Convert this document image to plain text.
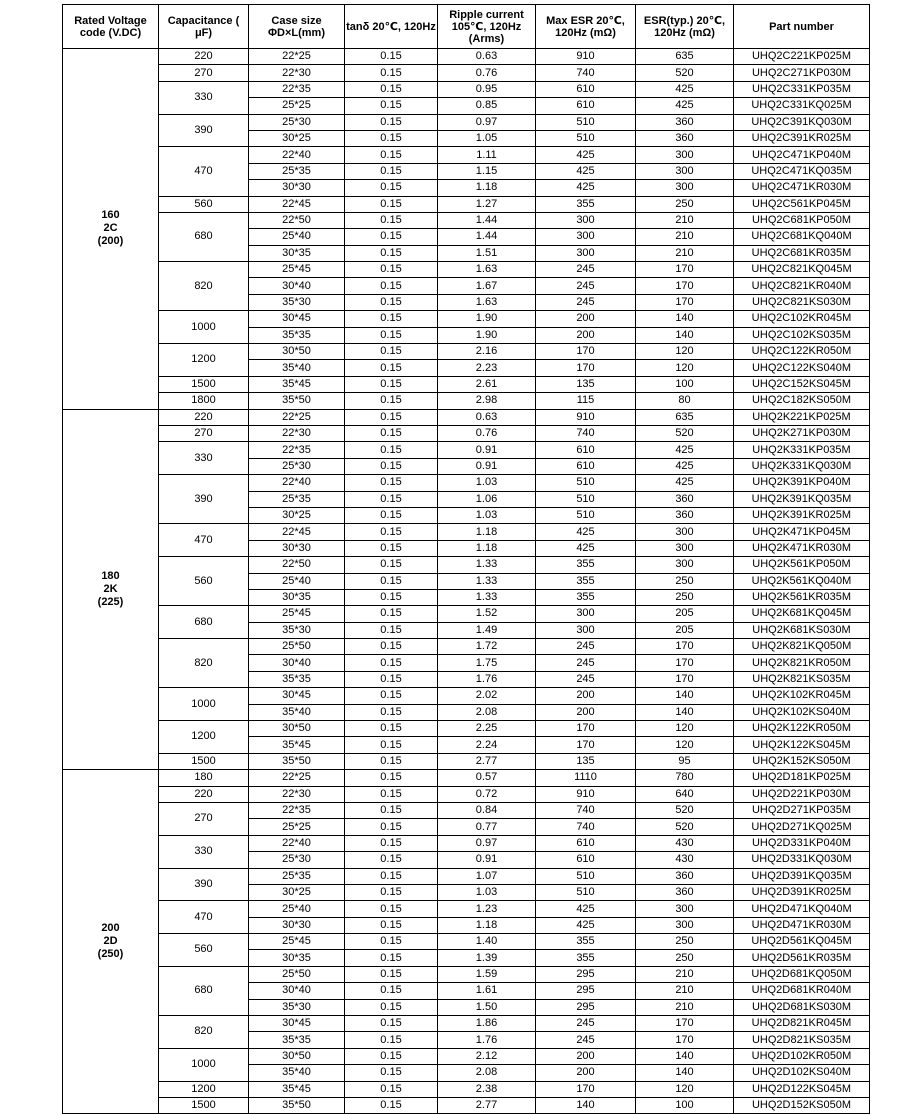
Rated Voltage code (V.DC)	Capacitance ( μF)	Case size ΦD×L(mm)	tanδ 20℃, 120Hz	Ripple current 105℃, 120Hz (Arms)	Max ESR 20℃, 120Hz (mΩ)	ESR(typ.) 20℃, 120Hz (mΩ)	Part number

160
2C
(200)	220	22*25	0.15	0.63	910	635	UHQ2C221KP025M
	270	22*30	0.15	0.76	740	520	UHQ2C271KP030M
	330	22*35	0.15	0.95	610	425	UHQ2C331KP035M
		25*25	0.15	0.85	610	425	UHQ2C331KQ025M
	390	25*30	0.15	0.97	510	360	UHQ2C391KQ030M
		30*25	0.15	1.05	510	360	UHQ2C391KR025M
	470	22*40	0.15	1.11	425	300	UHQ2C471KP040M
		25*35	0.15	1.15	425	300	UHQ2C471KQ035M
		30*30	0.15	1.18	425	300	UHQ2C471KR030M
	560	22*45	0.15	1.27	355	250	UHQ2C561KP045M
	680	22*50	0.15	1.44	300	210	UHQ2C681KP050M
		25*40	0.15	1.44	300	210	UHQ2C681KQ040M
		30*35	0.15	1.51	300	210	UHQ2C681KR035M
	820	25*45	0.15	1.63	245	170	UHQ2C821KQ045M
		30*40	0.15	1.67	245	170	UHQ2C821KR040M
		35*30	0.15	1.63	245	170	UHQ2C821KS030M
	1000	30*45	0.15	1.90	200	140	UHQ2C102KR045M
		35*35	0.15	1.90	200	140	UHQ2C102KS035M
	1200	30*50	0.15	2.16	170	120	UHQ2C122KR050M
		35*40	0.15	2.23	170	120	UHQ2C122KS040M
	1500	35*45	0.15	2.61	135	100	UHQ2C152KS045M
	1800	35*50	0.15	2.98	115	80	UHQ2C182KS050M

180
2K
(225)	220	22*25	0.15	0.63	910	635	UHQ2K221KP025M
	270	22*30	0.15	0.76	740	520	UHQ2K271KP030M
	330	22*35	0.15	0.91	610	425	UHQ2K331KP035M
		25*30	0.15	0.91	610	425	UHQ2K331KQ030M
	390	22*40	0.15	1.03	510	425	UHQ2K391KP040M
		25*35	0.15	1.06	510	360	UHQ2K391KQ035M
		30*25	0.15	1.03	510	360	UHQ2K391KR025M
	470	22*45	0.15	1.18	425	300	UHQ2K471KP045M
		30*30	0.15	1.18	425	300	UHQ2K471KR030M
	560	22*50	0.15	1.33	355	300	UHQ2K561KP050M
		25*40	0.15	1.33	355	250	UHQ2K561KQ040M
		30*35	0.15	1.33	355	250	UHQ2K561KR035M
	680	25*45	0.15	1.52	300	205	UHQ2K681KQ045M
		35*30	0.15	1.49	300	205	UHQ2K681KS030M
	820	25*50	0.15	1.72	245	170	UHQ2K821KQ050M
		30*40	0.15	1.75	245	170	UHQ2K821KR050M
		35*35	0.15	1.76	245	170	UHQ2K821KS035M
	1000	30*45	0.15	2.02	200	140	UHQ2K102KR045M
		35*40	0.15	2.08	200	140	UHQ2K102KS040M
	1200	30*50	0.15	2.25	170	120	UHQ2K122KR050M
		35*45	0.15	2.24	170	120	UHQ2K122KS045M
	1500	35*50	0.15	2.77	135	95	UHQ2K152KS050M

200
2D
(250)	180	22*25	0.15	0.57	1110	780	UHQ2D181KP025M
	220	22*30	0.15	0.72	910	640	UHQ2D221KP030M
	270	22*35	0.15	0.84	740	520	UHQ2D271KP035M
		25*25	0.15	0.77	740	520	UHQ2D271KQ025M
	330	22*40	0.15	0.97	610	430	UHQ2D331KP040M
		25*30	0.15	0.91	610	430	UHQ2D331KQ030M
	390	25*35	0.15	1.07	510	360	UHQ2D391KQ035M
		30*25	0.15	1.03	510	360	UHQ2D391KR025M
	470	25*40	0.15	1.23	425	300	UHQ2D471KQ040M
		30*30	0.15	1.18	425	300	UHQ2D471KR030M
	560	25*45	0.15	1.40	355	250	UHQ2D561KQ045M
		30*35	0.15	1.39	355	250	UHQ2D561KR035M
	680	25*50	0.15	1.59	295	210	UHQ2D681KQ050M
		30*40	0.15	1.61	295	210	UHQ2D681KR040M
		35*30	0.15	1.50	295	210	UHQ2D681KS030M
	820	30*45	0.15	1.86	245	170	UHQ2D821KR045M
		35*35	0.15	1.76	245	170	UHQ2D821KS035M
	1000	30*50	0.15	2.12	200	140	UHQ2D102KR050M
		35*40	0.15	2.08	200	140	UHQ2D102KS040M
	1200	35*45	0.15	2.38	170	120	UHQ2D122KS045M
	1500	35*50	0.15	2.77	140	100	UHQ2D152KS050M
